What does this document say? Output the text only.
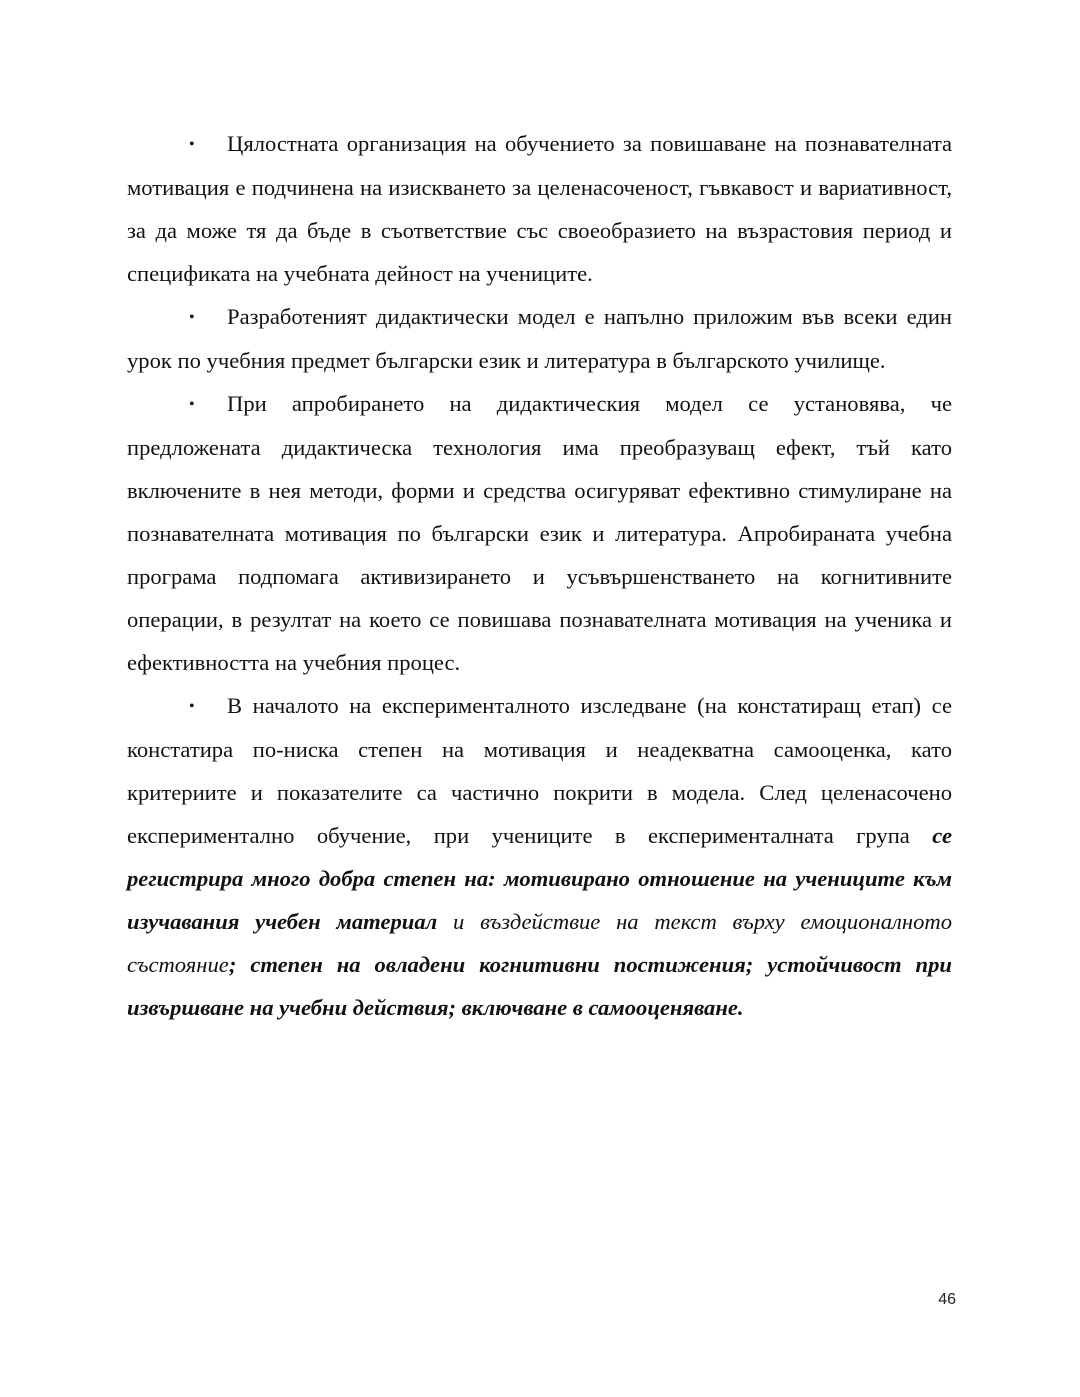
• Цялостната организация на обучението за повишаване на познавателната мотивация е подчинена на изискването за целенасоченост, гъвкавост и вариативност, за да може тя да бъде в съответствие със своеобразието на възрастовия период и спецификата на учебната дейност на учениците.

• Разработеният дидактически модел е напълно приложим във всеки един урок по учебния предмет български език и литература в българското училище.

• При апробирането на дидактическия модел се установява, че предложената дидактическа технология има преобразуващ ефект, тъй като включените в нея методи, форми и средства осигуряват ефективно стимулиране на познавателната мотивация по български език и литература. Апробираната учебна програма подпомага активизирането и усъвършенстването на когнитивните операции, в резултат на което се повишава познавателната мотивация на ученика и ефективността на учебния процес.

• В началото на експерименталното изследване (на констатиращ етап) се констатира по-ниска степен на мотивация и неадекватна самооценка, като критериите и показателите са частично покрити в модела. След целенасочено експериментално обучение, при учениците в експерименталната група се регистрира много добра степен на: мотивирано отношение на учениците към изучавания учебен материал и въздействие на текст върху емоционалното състояние; степен на овладени когнитивни постижения; устойчивост при извършване на учебни действия; включване в самооценяване.

46
